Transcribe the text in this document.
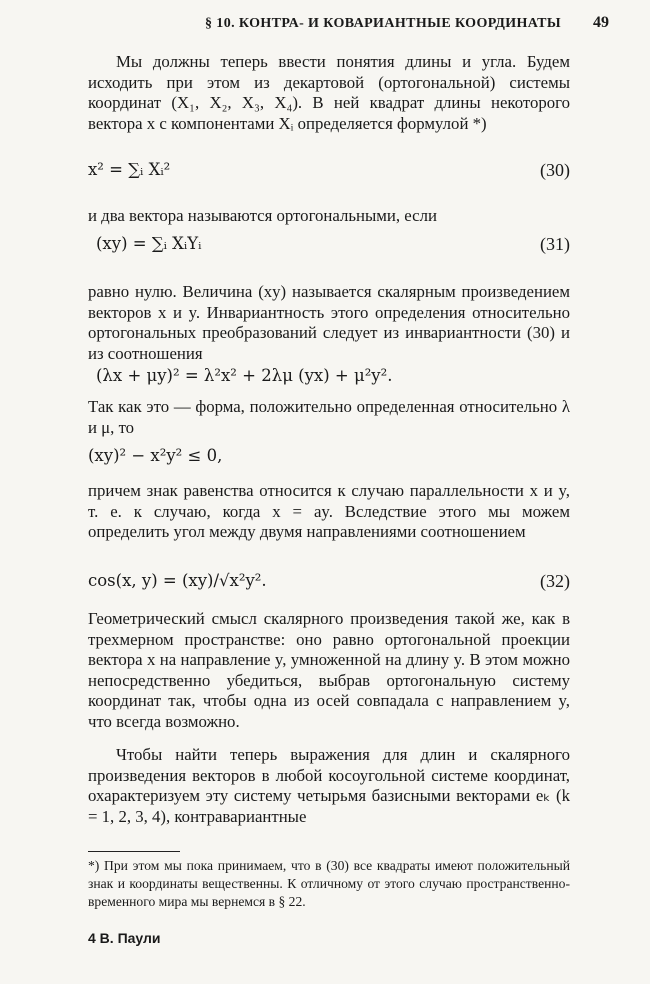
§ 10. КОНТРА- И КОВАРИАНТНЫЕ КООРДИНАТЫ 49
Мы должны теперь ввести понятия длины и угла. Будем исходить при этом из декартовой (ортогональной) системы координат (X₁, X₂, X₃, X₄). В ней квадрат длины некоторого вектора x с компонентами Xᵢ определяется формулой *)
x² = ∑ᵢ Xᵢ²	(30)
и два вектора называются ортогональными, если
(xy) = ∑ᵢ XᵢYᵢ	(31)
равно нулю. Величина (xy) называется скалярным произведением векторов x и y. Инвариантность этого определения относительно ортогональных преобразований следует из инвариантности (30) и из соотношения
(λx + μy)² = λ²x² + 2λμ (yx) + μ²y².
Так как это — форма, положительно определенная относительно λ и μ, то
(xy)² − x²y² ≤ 0,
причем знак равенства относится к случаю параллельности x и y, т. е. к случаю, когда x = ay. Вследствие этого мы можем определить угол между двумя направлениями соотношением
cos(x, y) = (xy)/√x²y².	(32)
Геометрический смысл скалярного произведения такой же, как в трехмерном пространстве: оно равно ортогональной проекции вектора x на направление y, умноженной на длину y. В этом можно непосредственно убедиться, выбрав ортогональную систему координат так, чтобы одна из осей совпадала с направлением y, что всегда возможно.
Чтобы найти теперь выражения для длин и скалярного произведения векторов в любой косоугольной системе координат, охарактеризуем эту систему четырьмя базисными векторами eₖ (k = 1, 2, 3, 4), контравариантные
*) При этом мы пока принимаем, что в (30) все квадраты имеют положительный знак и координаты вещественны. К отличному от этого случаю пространственно-временного мира мы вернемся в § 22.
4 В. Паули
